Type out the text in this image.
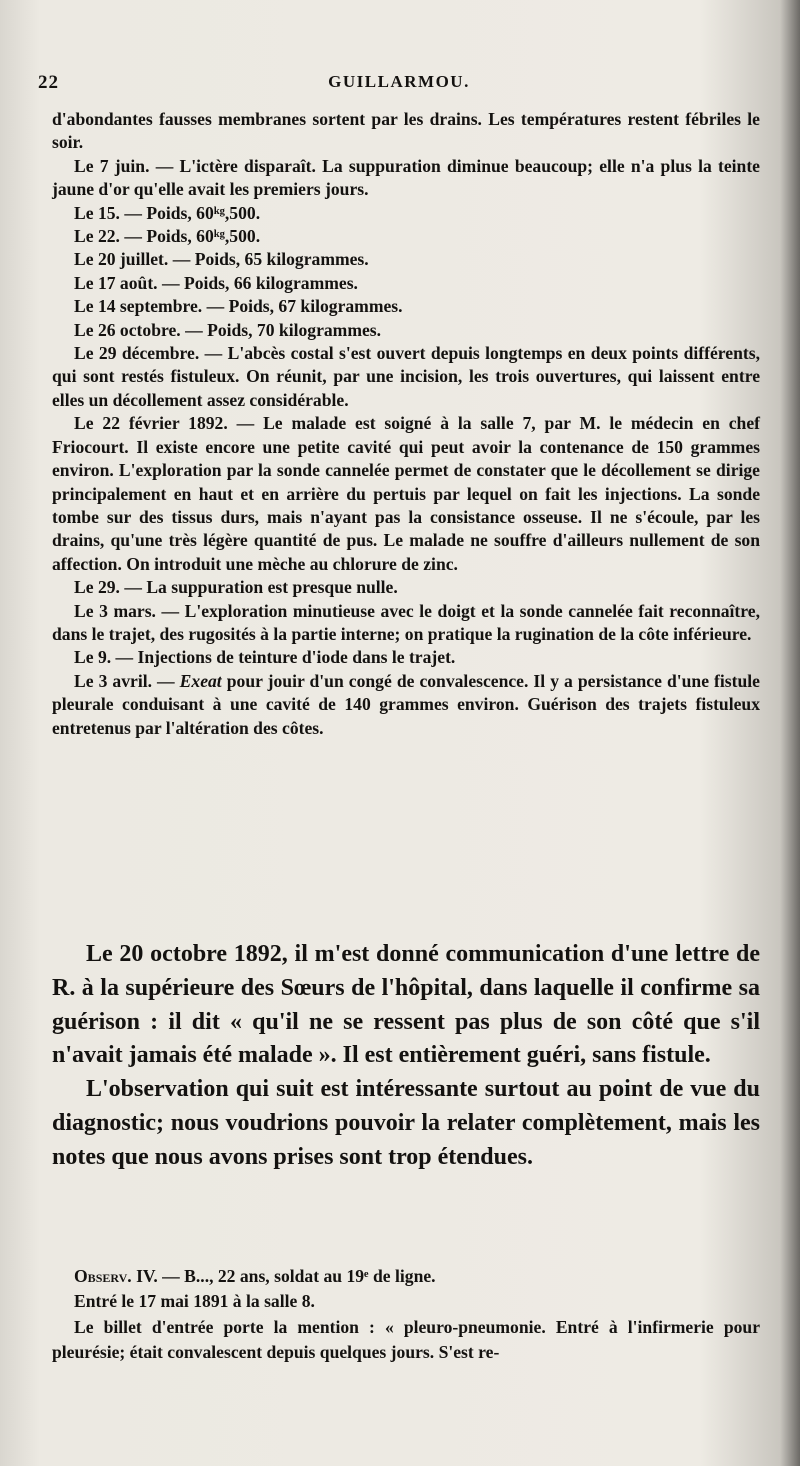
22	GUILLARMOU.

d'abondantes fausses membranes sortent par les drains. Les températures restent fébriles le soir.

Le 7 juin. — L'ictère disparaît. La suppuration diminue beaucoup; elle n'a plus la teinte jaune d'or qu'elle avait les premiers jours.

Le 15. — Poids, 60ᵏᵍ,500.

Le 22. — Poids, 60ᵏᵍ,500.

Le 20 juillet. — Poids, 65 kilogrammes.

Le 17 août. — Poids, 66 kilogrammes.

Le 14 septembre. — Poids, 67 kilogrammes.

Le 26 octobre. — Poids, 70 kilogrammes.

Le 29 décembre. — L'abcès costal s'est ouvert depuis longtemps en deux points différents, qui sont restés fistuleux. On réunit, par une incision, les trois ouvertures, qui laissent entre elles un décollement assez considérable.

Le 22 février 1892. — Le malade est soigné à la salle 7, par M. le médecin en chef Friocourt. Il existe encore une petite cavité qui peut avoir la contenance de 150 grammes environ. L'exploration par la sonde cannelée permet de constater que le décollement se dirige principalement en haut et en arrière du pertuis par lequel on fait les injections. La sonde tombe sur des tissus durs, mais n'ayant pas la consistance osseuse. Il ne s'écoule, par les drains, qu'une très légère quantité de pus. Le malade ne souffre d'ailleurs nullement de son affection. On introduit une mèche au chlorure de zinc.

Le 29. — La suppuration est presque nulle.

Le 3 mars. — L'exploration minutieuse avec le doigt et la sonde cannelée fait reconnaître, dans le trajet, des rugosités à la partie interne; on pratique la rugination de la côte inférieure.

Le 9. — Injections de teinture d'iode dans le trajet.

Le 3 avril. — Exeat pour jouir d'un congé de convalescence. Il y a persistance d'une fistule pleurale conduisant à une cavité de 140 grammes environ. Guérison des trajets fistuleux entretenus par l'altération des côtes.

Le 20 octobre 1892, il m'est donné communication d'une lettre de R. à la supérieure des Sœurs de l'hôpital, dans laquelle il confirme sa guérison : il dit « qu'il ne se ressent pas plus de son côté que s'il n'avait jamais été malade ». Il est entièrement guéri, sans fistule.

L'observation qui suit est intéressante surtout au point de vue du diagnostic; nous voudrions pouvoir la relater complètement, mais les notes que nous avons prises sont trop étendues.

Observ. IV. — B..., 22 ans, soldat au 19ᵉ de ligne.

Entré le 17 mai 1891 à la salle 8.

Le billet d'entrée porte la mention : « pleuro-pneumonie. Entré à l'infirmerie pour pleurésie; était convalescent depuis quelques jours. S'est re-
